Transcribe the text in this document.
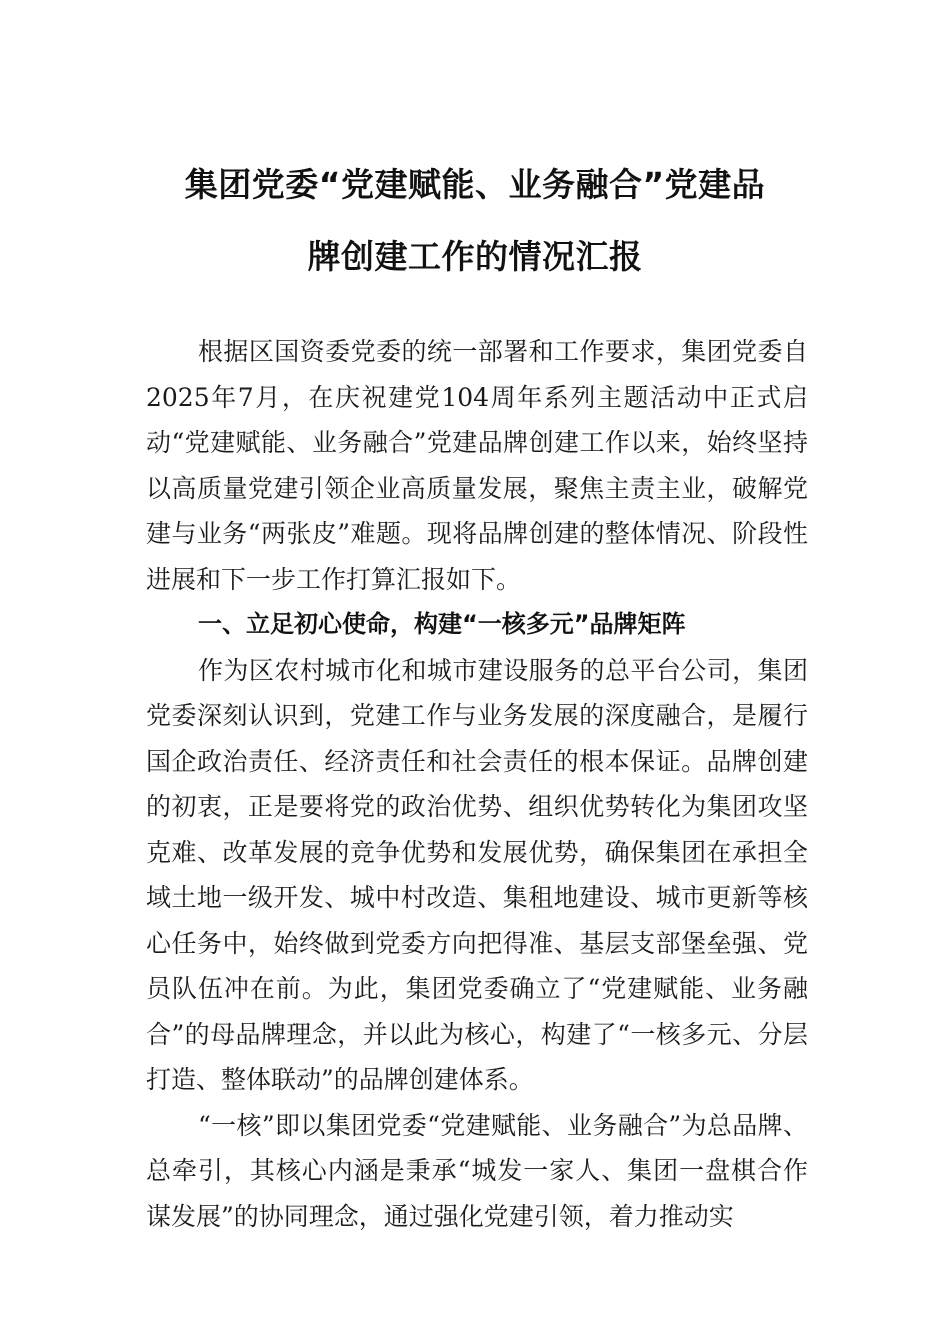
集团党委“党建赋能、业务融合”党建品
牌创建工作的情况汇报

根据区国资委党委的统一部署和工作要求，集团党委自2025年7月，在庆祝建党104周年系列主题活动中正式启动“党建赋能、业务融合”党建品牌创建工作以来，始终坚持以高质量党建引领企业高质量发展，聚焦主责主业，破解党建与业务“两张皮”难题。现将品牌创建的整体情况、阶段性进展和下一步工作打算汇报如下。

一、立足初心使命，构建“一核多元”品牌矩阵

作为区农村城市化和城市建设服务的总平台公司，集团党委深刻认识到，党建工作与业务发展的深度融合，是履行国企政治责任、经济责任和社会责任的根本保证。品牌创建的初衷，正是要将党的政治优势、组织优势转化为集团攻坚克难、改革发展的竞争优势和发展优势，确保集团在承担全域土地一级开发、城中村改造、集租地建设、城市更新等核心任务中，始终做到党委方向把得准、基层支部堡垒强、党员队伍冲在前。为此，集团党委确立了“党建赋能、业务融合”的母品牌理念，并以此为核心，构建了“一核多元、分层打造、整体联动”的品牌创建体系。

“一核”即以集团党委“党建赋能、业务融合”为总品牌、总牵引，其核心内涵是秉承“城发一家人、集团一盘棋合作谋发展”的协同理念，通过强化党建引领，着力推动实
